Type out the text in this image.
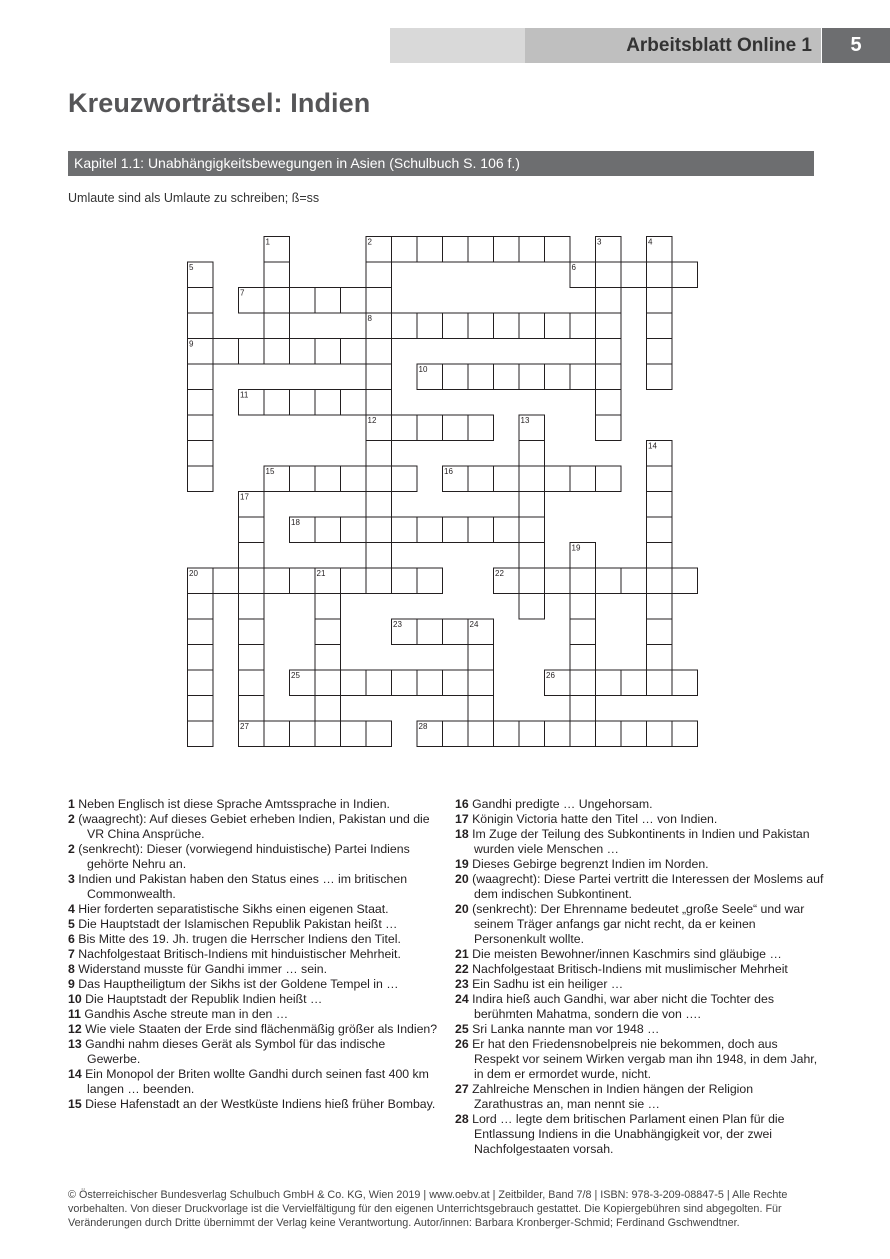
Arbeitsblatt Online 1	5
Kreuzworträtsel: Indien
Kapitel 1.1: Unabhängigkeitsbewegungen in Asien (Schulbuch S. 106 f.)
Umlaute sind als Umlaute zu schreiben; ß=ss
1	2	3	4
5	6
7
8
9
10
11
12	13
14
15	16
17
18
19
20	21	22
23	24
25	26
27	28
1 Neben Englisch ist diese Sprache Amtssprache in Indien.
2 (waagrecht): Auf dieses Gebiet erheben Indien, Pakistan und die VR China Ansprüche.
2 (senkrecht): Dieser (vorwiegend hinduistische) Partei Indiens gehörte Nehru an.
3 Indien und Pakistan haben den Status eines … im britischen Commonwealth.
4 Hier forderten separatistische Sikhs einen eigenen Staat.
5 Die Hauptstadt der Islamischen Republik Pakistan heißt …
6 Bis Mitte des 19. Jh. trugen die Herrscher Indiens den Titel.
7 Nachfolgestaat Britisch-Indiens mit hinduistischer Mehrheit.
8 Widerstand musste für Gandhi immer … sein.
9 Das Hauptheiligtum der Sikhs ist der Goldene Tempel in …
10 Die Hauptstadt der Republik Indien heißt …
11 Gandhis Asche streute man in den …
12 Wie viele Staaten der Erde sind flächenmäßig größer als Indien?
13 Gandhi nahm dieses Gerät als Symbol für das indische Gewerbe.
14 Ein Monopol der Briten wollte Gandhi durch seinen fast 400 km langen … beenden.
15 Diese Hafenstadt an der Westküste Indiens hieß früher Bombay.
16 Gandhi predigte … Ungehorsam.
17 Königin Victoria hatte den Titel … von Indien.
18 Im Zuge der Teilung des Subkontinents in Indien und Pakistan wurden viele Menschen …
19 Dieses Gebirge begrenzt Indien im Norden.
20 (waagrecht): Diese Partei vertritt die Interessen der Moslems auf dem indischen Subkontinent.
20 (senkrecht): Der Ehrenname bedeutet „große Seele“ und war seinem Träger anfangs gar nicht recht, da er keinen Personenkult wollte.
21 Die meisten Bewohner/innen Kaschmirs sind gläubige …
22 Nachfolgestaat Britisch-Indiens mit muslimischer Mehrheit
23 Ein Sadhu ist ein heiliger …
24 Indira hieß auch Gandhi, war aber nicht die Tochter des berühmten Mahatma, sondern die von ….
25 Sri Lanka nannte man vor 1948 …
26 Er hat den Friedensnobelpreis nie bekommen, doch aus Respekt vor seinem Wirken vergab man ihn 1948, in dem Jahr, in dem er ermordet wurde, nicht.
27 Zahlreiche Menschen in Indien hängen der Religion Zarathustras an, man nennt sie …
28 Lord … legte dem britischen Parlament einen Plan für die Entlassung Indiens in die Unabhängigkeit vor, der zwei Nachfolgestaaten vorsah.
© Österreichischer Bundesverlag Schulbuch GmbH & Co. KG, Wien 2019 | www.oebv.at | Zeitbilder, Band 7/8 | ISBN: 978-3-209-08847-5 | Alle Rechte vorbehalten. Von dieser Druckvorlage ist die Vervielfältigung für den eigenen Unterrichtsgebrauch gestattet. Die Kopiergebühren sind abgegolten. Für Veränderungen durch Dritte übernimmt der Verlag keine Verantwortung. Autor/innen: Barbara Kronberger-Schmid; Ferdinand Gschwendtner.
